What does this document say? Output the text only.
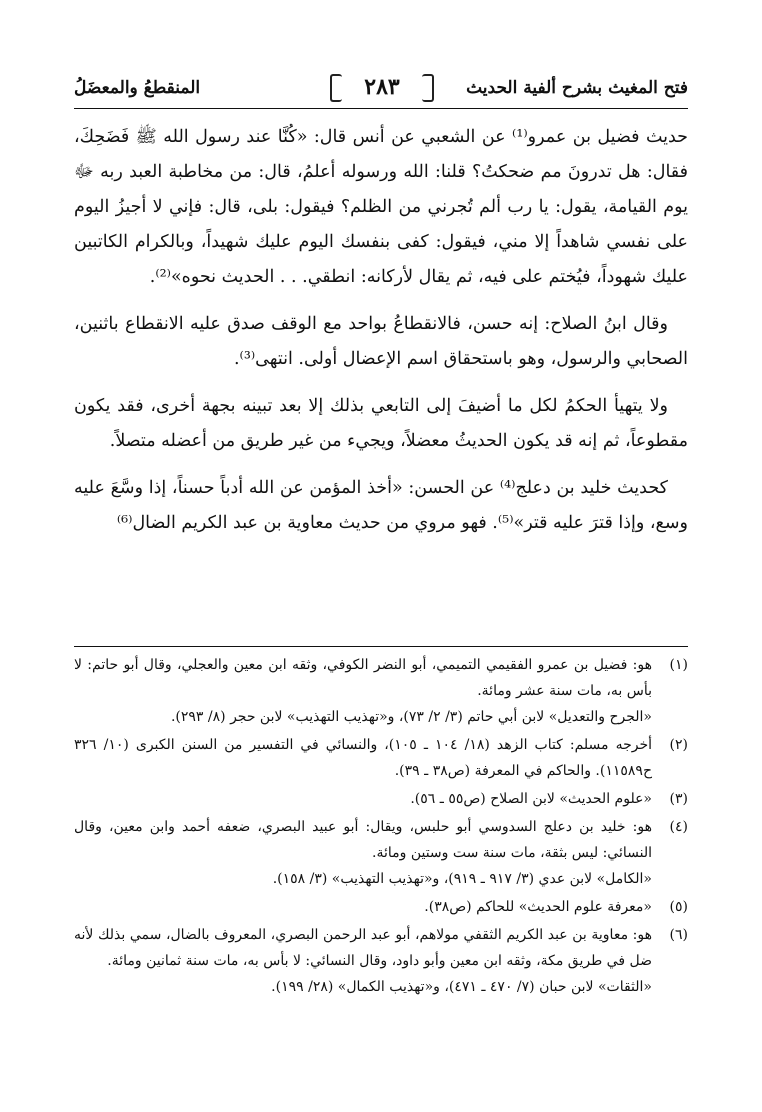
فتح المغيث بشرح ألفية الحديث
٢٨٣
المنقطعُ والمعضَلُ

حديث فضيل بن عمرو⁽¹⁾ عن الشعبي عن أنس قال: «كُنَّا عند رسول الله ﷺ فَضَحِكَ، فقال: هل تدرونَ مم ضحكتُ؟ قلنا: الله ورسوله أعلمُ، قال: من مخاطبة العبد ربه ﷻ يوم القيامة، يقول: يا رب ألم تُجرني من الظلم؟ فيقول: بلى، قال: فإني لا أجيزُ اليوم على نفسي شاهداً إلا مني، فيقول: كفى بنفسك اليوم عليك شهيداً، وبالكرام الكاتبين عليك شهوداً، فيُختم على فيه، ثم يقال لأركانه: انطقي. . . الحديث نحوه»⁽²⁾.

وقال ابنُ الصلاح: إنه حسن، فالانقطاعُ بواحد مع الوقف صدق عليه الانقطاع باثنين، الصحابي والرسول، وهو باستحقاق اسم الإعضال أولى. انتهى⁽³⁾.

ولا يتهيأ الحكمُ لكل ما أضيفَ إلى التابعي بذلك إلا بعد تبينه بجهة أخرى، فقد يكون مقطوعاً، ثم إنه قد يكون الحديثُ معضلاً، ويجيء من غير طريق من أعضله متصلاً.

كحديث خليد بن دعلج⁽⁴⁾ عن الحسن: «أخذ المؤمن عن الله أدباً حسناً، إذا وسَّعَ عليه وسع، وإذا قترَ عليه قتر»⁽⁵⁾. فهو مروي من حديث معاوية بن عبد الكريم الضال⁽⁶⁾

(١)
هو: فضيل بن عمرو الفقيمي التميمي، أبو النضر الكوفي، وثقه ابن معين والعجلي، وقال أبو حاتم: لا بأس به، مات سنة عشر ومائة.
«الجرح والتعديل» لابن أبي حاتم (٣/ ٢/ ٧٣)، و«تهذيب التهذيب» لابن حجر (٨/ ٢٩٣).
(٢)
أخرجه مسلم: كتاب الزهد (١٨/ ١٠٤ ـ ١٠٥)، والنسائي في التفسير من السنن الكبرى (١٠/ ٣٢٦ ح١١٥٨٩). والحاكم في المعرفة (ص٣٨ ـ ٣٩).
(٣)
«علوم الحديث» لابن الصلاح (ص٥٥ ـ ٥٦).
(٤)
هو: خليد بن دعلج السدوسي أبو حلبس، ويقال: أبو عبيد البصري، ضعفه أحمد وابن معين، وقال النسائي: ليس بثقة، مات سنة ست وستين ومائة.
«الكامل» لابن عدي (٣/ ٩١٧ ـ ٩١٩)، و«تهذيب التهذيب» (٣/ ١٥٨).
(٥)
«معرفة علوم الحديث» للحاكم (ص٣٨).
(٦)
هو: معاوية بن عبد الكريم الثقفي مولاهم، أبو عبد الرحمن البصري، المعروف بالضال، سمي بذلك لأنه ضل في طريق مكة، وثقه ابن معين وأبو داود، وقال النسائي: لا بأس به، مات سنة ثمانين ومائة.
«الثقات» لابن حبان (٧/ ٤٧٠ ـ ٤٧١)، و«تهذيب الكمال» (٢٨/ ١٩٩).
